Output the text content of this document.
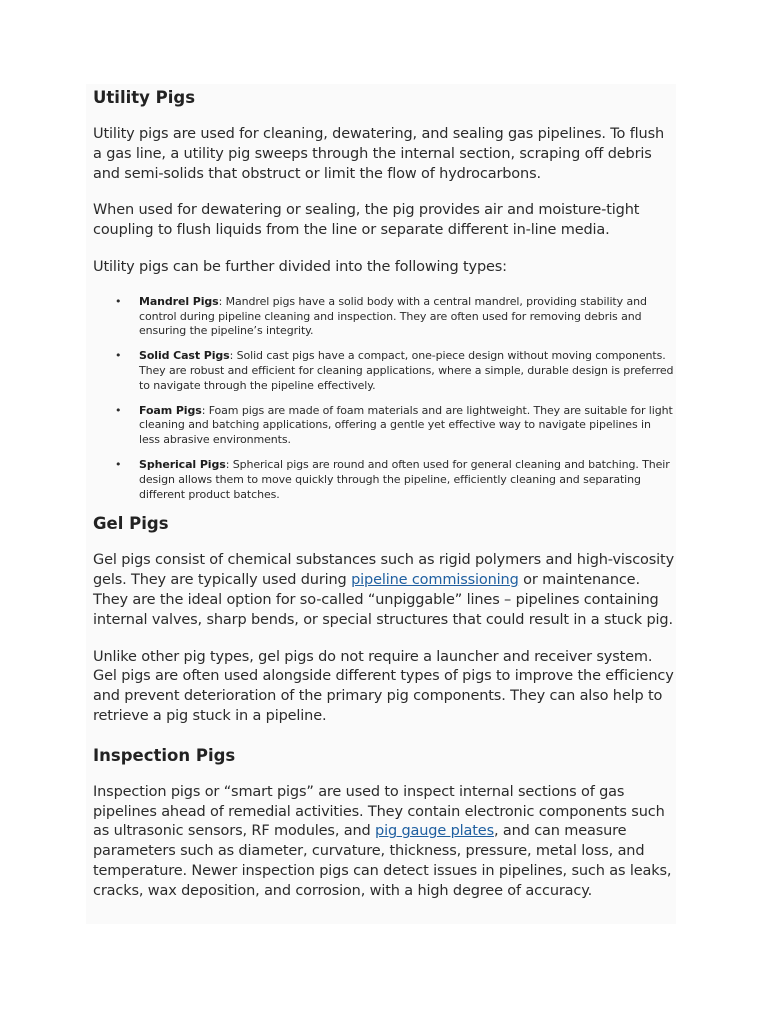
Utility Pigs

Utility pigs are used for cleaning, dewatering, and sealing gas pipelines. To flush a gas line, a utility pig sweeps through the internal section, scraping off debris and semi-solids that obstruct or limit the flow of hydrocarbons.

When used for dewatering or sealing, the pig provides air and moisture-tight coupling to flush liquids from the line or separate different in-line media.

Utility pigs can be further divided into the following types:

• Mandrel Pigs: Mandrel pigs have a solid body with a central mandrel, providing stability and control during pipeline cleaning and inspection. They are often used for removing debris and ensuring the pipeline’s integrity.
• Solid Cast Pigs: Solid cast pigs have a compact, one-piece design without moving components. They are robust and efficient for cleaning applications, where a simple, durable design is preferred to navigate through the pipeline effectively.
• Foam Pigs: Foam pigs are made of foam materials and are lightweight. They are suitable for light cleaning and batching applications, offering a gentle yet effective way to navigate pipelines in less abrasive environments.
• Spherical Pigs: Spherical pigs are round and often used for general cleaning and batching. Their design allows them to move quickly through the pipeline, efficiently cleaning and separating different product batches.
Gel Pigs

Gel pigs consist of chemical substances such as rigid polymers and high-viscosity gels. They are typically used during pipeline commissioning or maintenance. They are the ideal option for so-called “unpiggable” lines – pipelines containing internal valves, sharp bends, or special structures that could result in a stuck pig.

Unlike other pig types, gel pigs do not require a launcher and receiver system. Gel pigs are often used alongside different types of pigs to improve the efficiency and prevent deterioration of the primary pig components. They can also help to retrieve a pig stuck in a pipeline.

Inspection Pigs

Inspection pigs or “smart pigs” are used to inspect internal sections of gas pipelines ahead of remedial activities. They contain electronic components such as ultrasonic sensors, RF modules, and pig gauge plates, and can measure parameters such as diameter, curvature, thickness, pressure, metal loss, and temperature. Newer inspection pigs can detect issues in pipelines, such as leaks, cracks, wax deposition, and corrosion, with a high degree of accuracy.
